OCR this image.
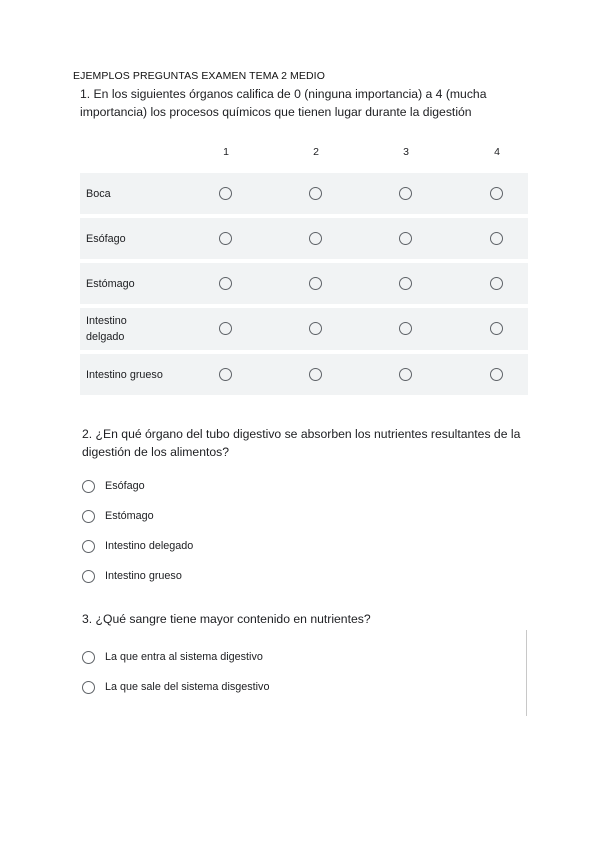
EJEMPLOS PREGUNTAS EXAMEN TEMA 2 MEDIO
1. En los siguientes órganos califica de 0 (ninguna importancia) a 4 (mucha importancia) los procesos químicos que tienen lugar durante la digestión
1	2	3	4
Boca
Esófago
Estómago
Intestino delgado
Intestino grueso
2. ¿En qué órgano del tubo digestivo se absorben los nutrientes resultantes de la digestión de los alimentos?
Esófago
Estómago
Intestino delegado
Intestino grueso
3. ¿Qué sangre tiene mayor contenido en nutrientes?
La que entra al sistema digestivo
La que sale del sistema disgestivo
